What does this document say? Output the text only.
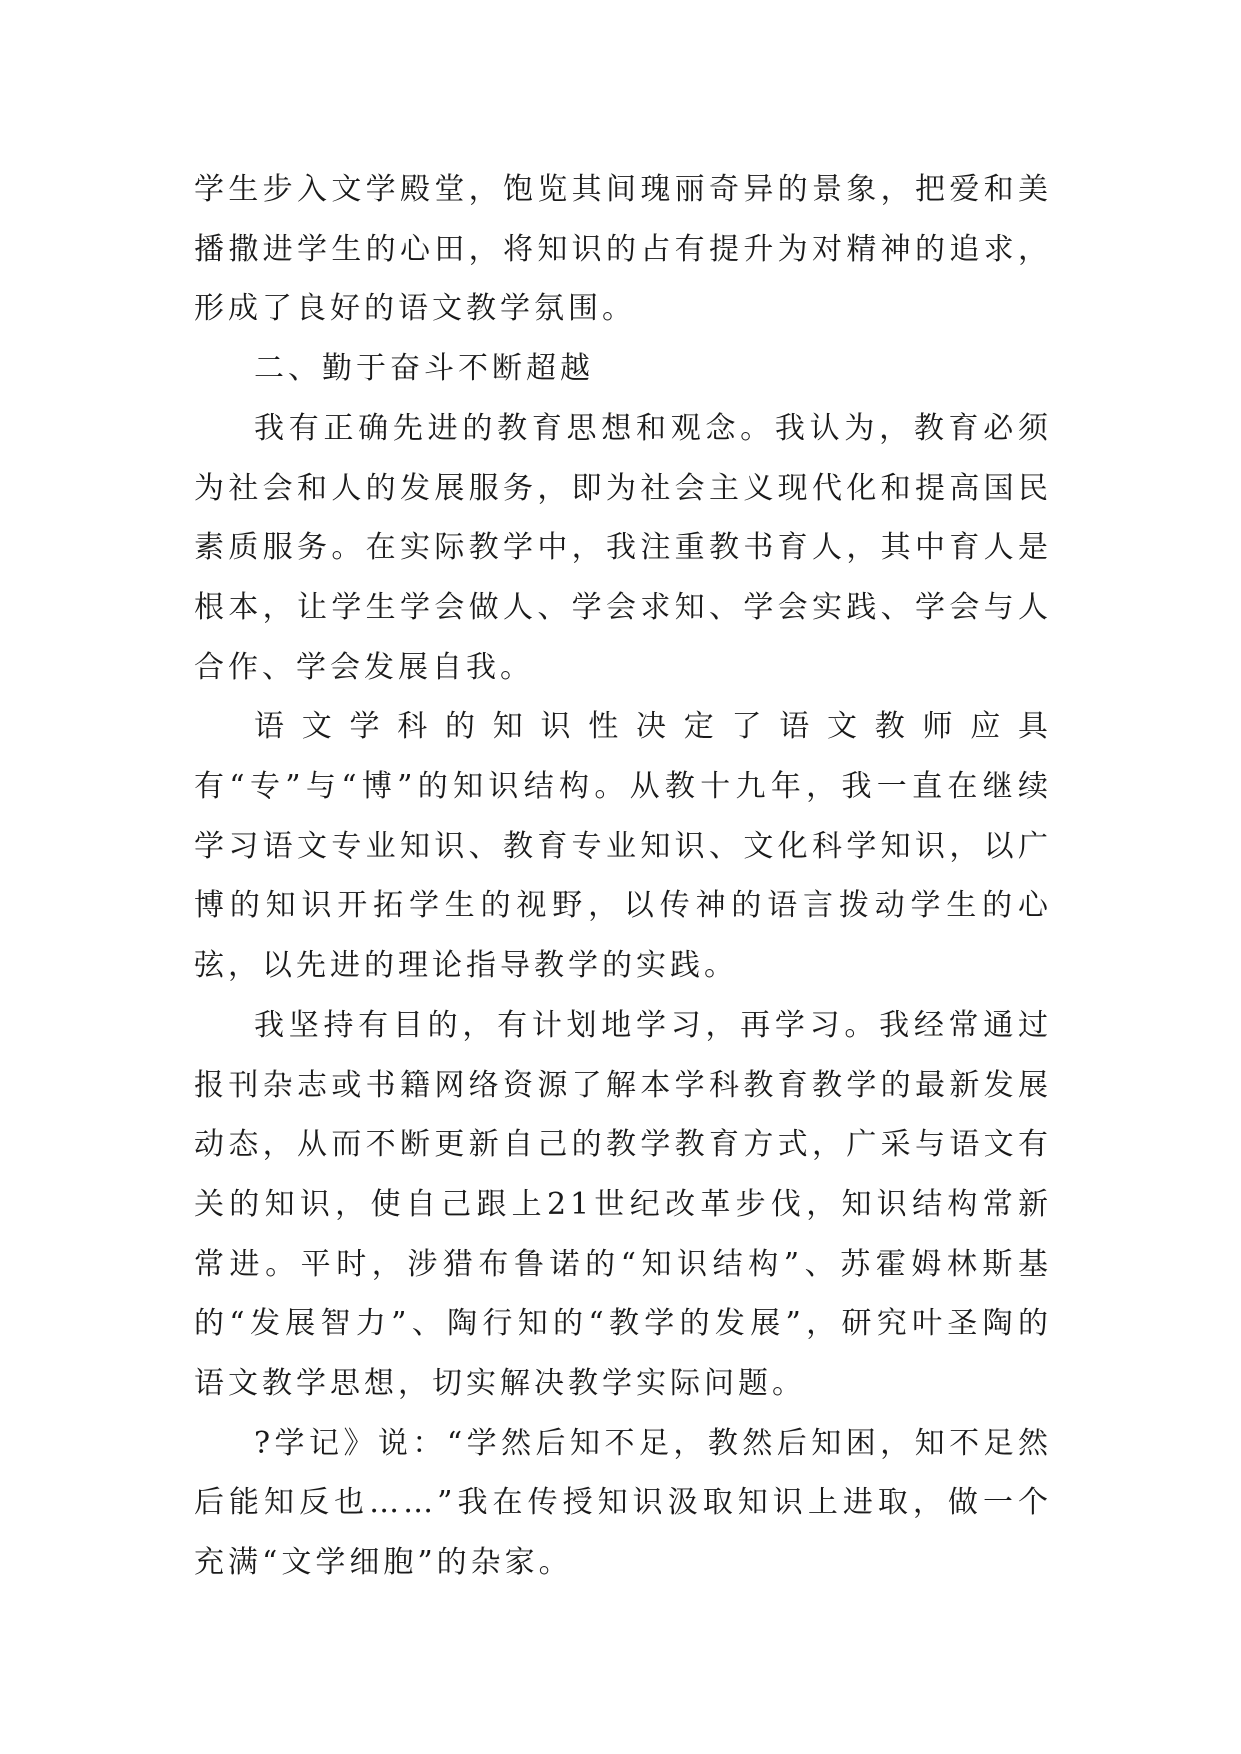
学生步入文学殿堂，饱览其间瑰丽奇异的景象，把爱和美播撒进学生的心田，将知识的占有提升为对精神的追求，形成了良好的语文教学氛围。

二、勤于奋斗不断超越

我有正确先进的教育思想和观念。我认为，教育必须为社会和人的发展服务，即为社会主义现代化和提高国民素质服务。在实际教学中，我注重教书育人，其中育人是根本，让学生学会做人、学会求知、学会实践、学会与人合作、学会发展自我。

语文学科的知识性决定了语文教师应具有“专”与“博”的知识结构。从教十九年，我一直在继续学习语文专业知识、教育专业知识、文化科学知识，以广博的知识开拓学生的视野，以传神的语言拨动学生的心弦，以先进的理论指导教学的实践。

我坚持有目的，有计划地学习，再学习。我经常通过报刊杂志或书籍网络资源了解本学科教育教学的最新发展动态，从而不断更新自己的教学教育方式，广采与语文有关的知识，使自己跟上21世纪改革步伐，知识结构常新常进。平时，涉猎布鲁诺的“知识结构”、苏霍姆林斯基的“发展智力”、陶行知的“教学的发展”，研究叶圣陶的语文教学思想，切实解决教学实际问题。

?学记》说：“学然后知不足，教然后知困，知不足然后能知反也……”我在传授知识汲取知识上进取，做一个充满“文学细胞”的杂家。
